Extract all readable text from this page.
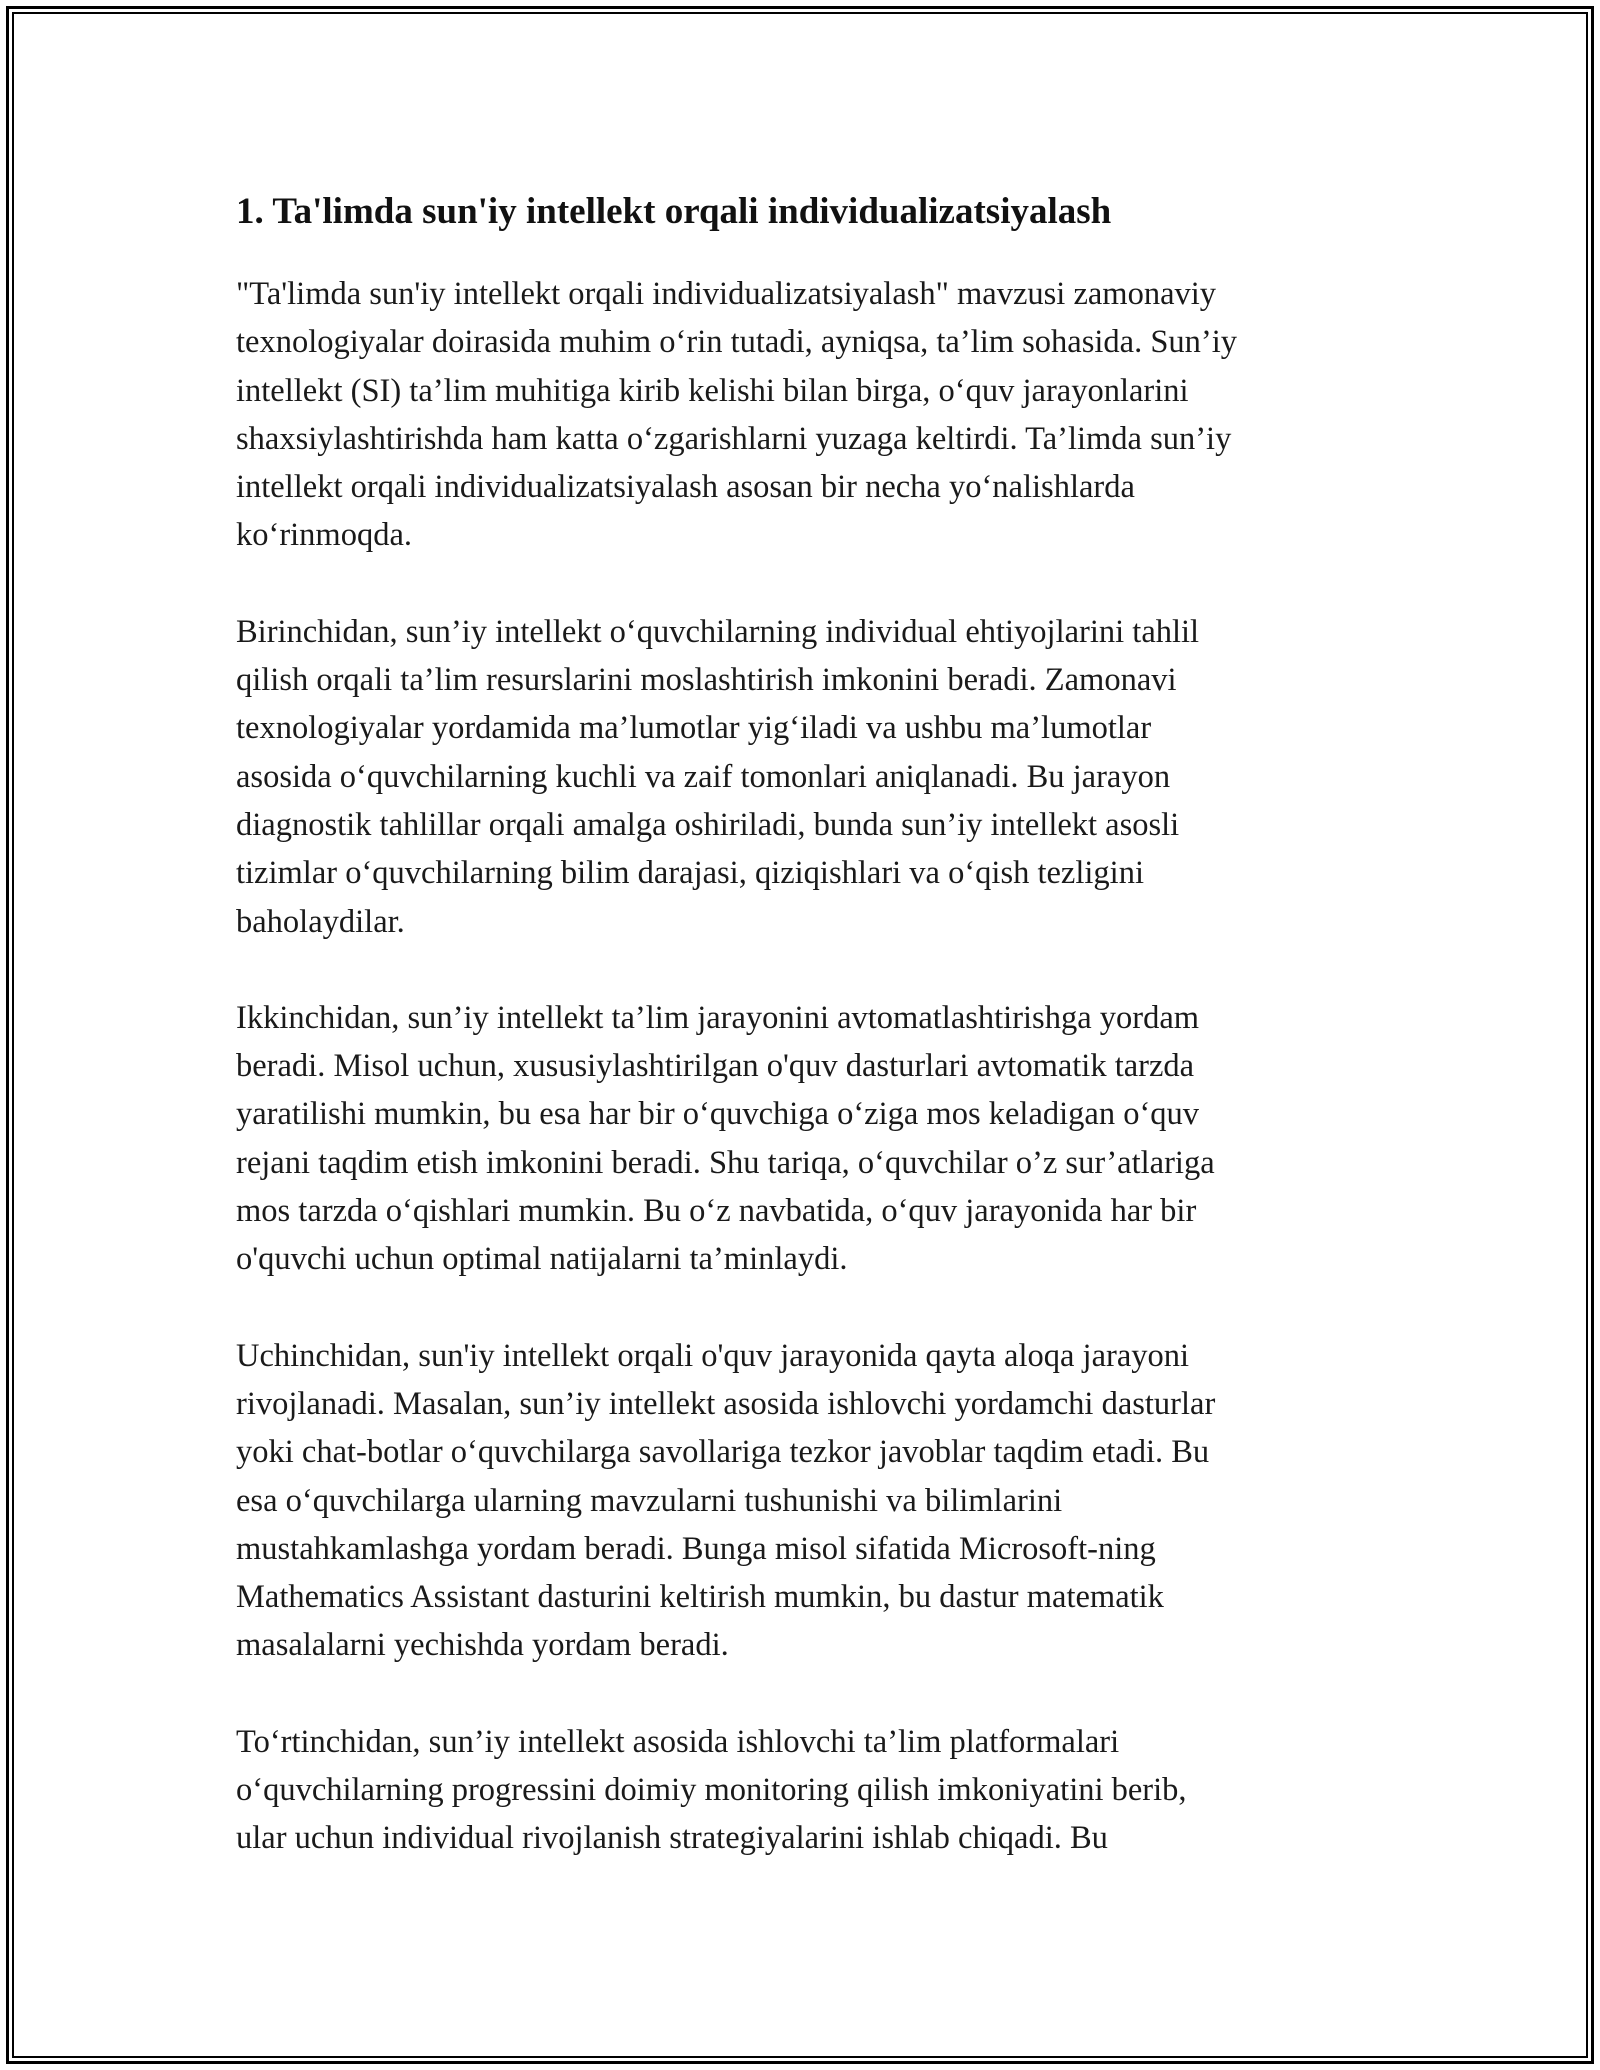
1. Ta'limda sun'iy intellekt orqali individualizatsiyalash
"Ta'limda sun'iy intellekt orqali individualizatsiyalash" mavzusi zamonaviy
texnologiyalar doirasida muhim o‘rin tutadi, ayniqsa, ta’lim sohasida. Sun’iy
intellekt (SI) ta’lim muhitiga kirib kelishi bilan birga, o‘quv jarayonlarini
shaxsiylashtirishda ham katta o‘zgarishlarni yuzaga keltirdi. Ta’limda sun’iy
intellekt orqali individualizatsiyalash asosan bir necha yo‘nalishlarda
ko‘rinmoqda.
Birinchidan, sun’iy intellekt o‘quvchilarning individual ehtiyojlarini tahlil
qilish orqali ta’lim resurslarini moslashtirish imkonini beradi. Zamonavi
texnologiyalar yordamida ma’lumotlar yig‘iladi va ushbu ma’lumotlar
asosida o‘quvchilarning kuchli va zaif tomonlari aniqlanadi. Bu jarayon
diagnostik tahlillar orqali amalga oshiriladi, bunda sun’iy intellekt asosli
tizimlar o‘quvchilarning bilim darajasi, qiziqishlari va o‘qish tezligini
baholaydilar.
Ikkinchidan, sun’iy intellekt ta’lim jarayonini avtomatlashtirishga yordam
beradi. Misol uchun, xususiylashtirilgan o'quv dasturlari avtomatik tarzda
yaratilishi mumkin, bu esa har bir o‘quvchiga o‘ziga mos keladigan o‘quv
rejani taqdim etish imkonini beradi. Shu tariqa, o‘quvchilar o’z sur’atlariga
mos tarzda o‘qishlari mumkin. Bu o‘z navbatida, o‘quv jarayonida har bir
o'quvchi uchun optimal natijalarni ta’minlaydi.
Uchinchidan, sun'iy intellekt orqali o'quv jarayonida qayta aloqa jarayoni
rivojlanadi. Masalan, sun’iy intellekt asosida ishlovchi yordamchi dasturlar
yoki chat-botlar o‘quvchilarga savollariga tezkor javoblar taqdim etadi. Bu
esa o‘quvchilarga ularning mavzularni tushunishi va bilimlarini
mustahkamlashga yordam beradi. Bunga misol sifatida Microsoft-ning
Mathematics Assistant dasturini keltirish mumkin, bu dastur matematik
masalalarni yechishda yordam beradi.
To‘rtinchidan, sun’iy intellekt asosida ishlovchi ta’lim platformalari
o‘quvchilarning progressini doimiy monitoring qilish imkoniyatini berib,
ular uchun individual rivojlanish strategiyalarini ishlab chiqadi. Bu
